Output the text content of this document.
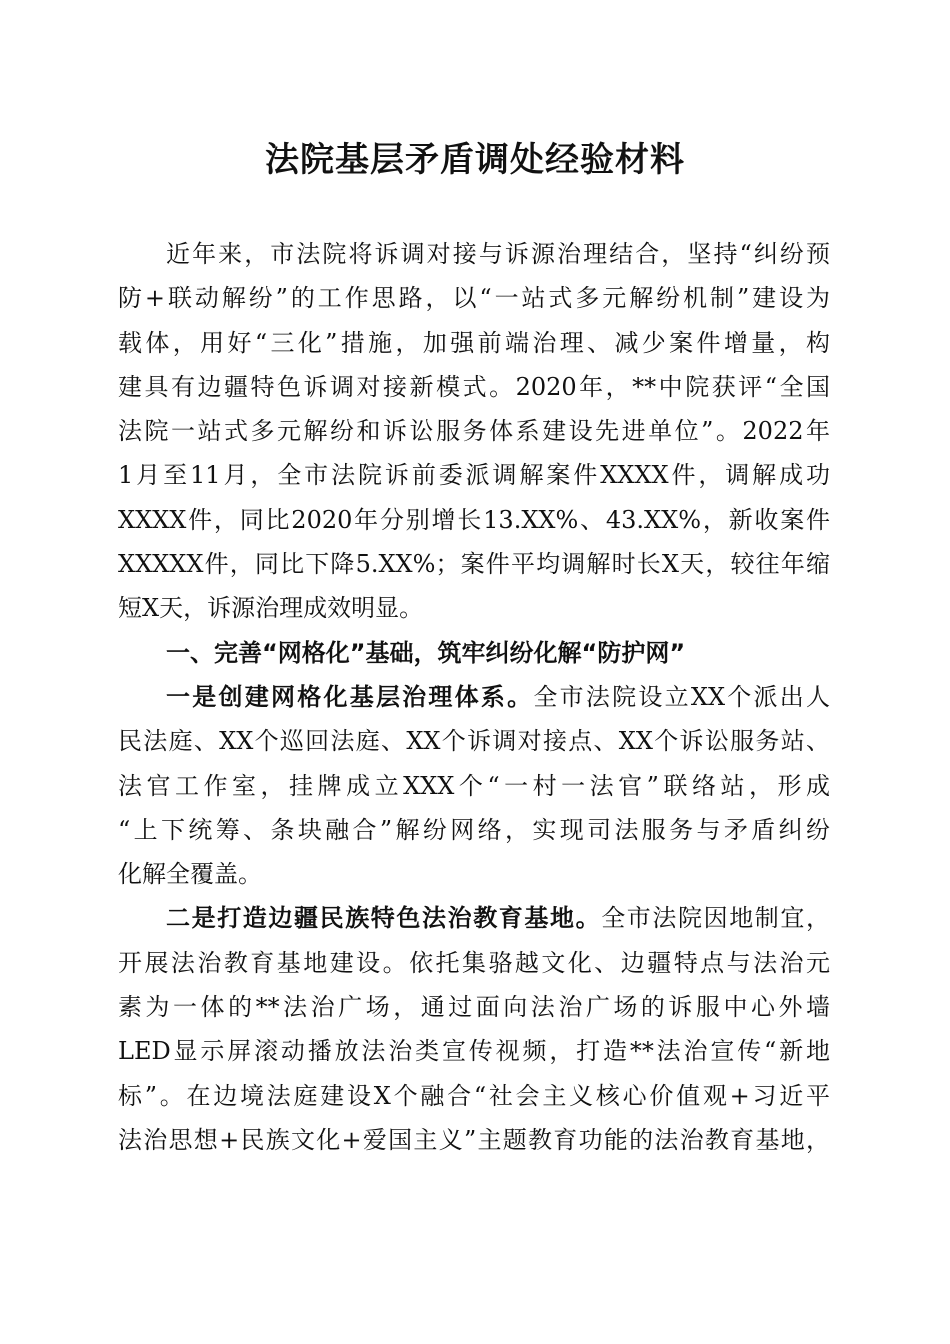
法院基层矛盾调处经验材料
近年来，市法院将诉调对接与诉源治理结合，坚持“纠纷预
防+联动解纷”的工作思路，以“一站式多元解纷机制”建设为
载体，用好“三化”措施，加强前端治理、减少案件增量，构
建具有边疆特色诉调对接新模式。2020年，**中院获评“全国
法院一站式多元解纷和诉讼服务体系建设先进单位”。2022年
1月至11月，全市法院诉前委派调解案件XXXX件，调解成功
XXXX件，同比2020年分别增长13.XX%、43.XX%，新收案件
XXXXX件，同比下降5.XX%；案件平均调解时长X天，较往年缩
短X天，诉源治理成效明显。
一、完善“网格化”基础，筑牢纠纷化解“防护网”
一是创建网格化基层治理体系。全市法院设立XX个派出人
民法庭、XX个巡回法庭、XX个诉调对接点、XX个诉讼服务站、
法官工作室，挂牌成立XXX个“一村一法官”联络站，形成
“上下统筹、条块融合”解纷网络，实现司法服务与矛盾纠纷
化解全覆盖。
二是打造边疆民族特色法治教育基地。全市法院因地制宜，
开展法治教育基地建设。依托集骆越文化、边疆特点与法治元
素为一体的**法治广场，通过面向法治广场的诉服中心外墙
LED显示屏滚动播放法治类宣传视频，打造**法治宣传“新地
标”。在边境法庭建设X个融合“社会主义核心价值观+习近平
法治思想+民族文化+爱国主义”主题教育功能的法治教育基地，
